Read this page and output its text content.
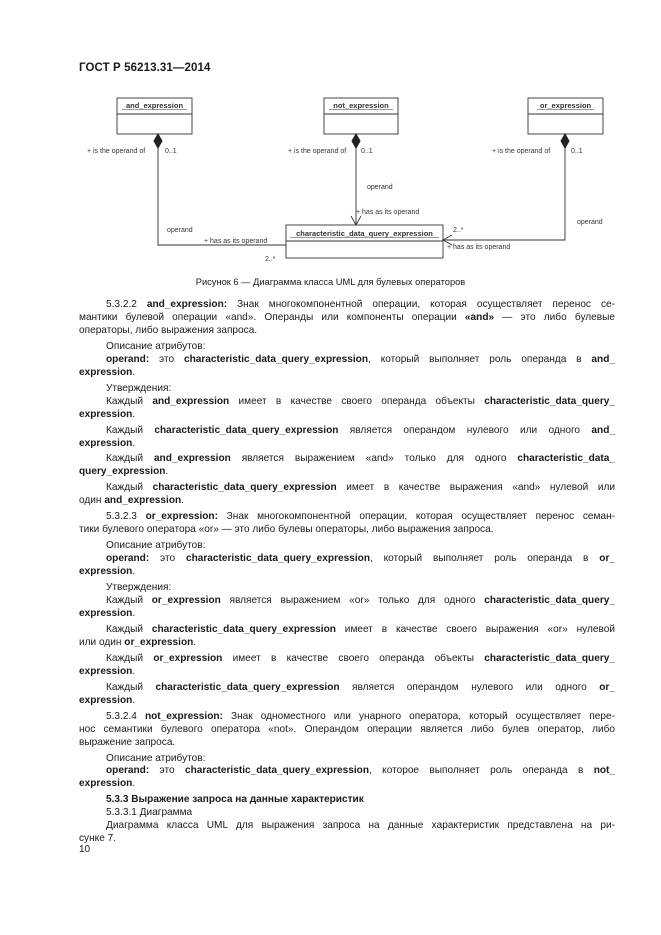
ГОСТ Р 56213.31—2014
and_expression	not_expression	or_expression
characteristic_data_query_expression
+ is the operand of	0..1	+ is the operand of 0..1	+ is the operand of	0..1
operand
+ has as its operand
operand
+ has as its operand
2..*
operand
2..*
+ has as its operand
Рисунок 6 — Диаграмма класса UML для булевых операторов
5.3.2.2 and_expression: Знак многокомпонентной операции, которая осуществляет перенос се-
мантики булевой операции «and». Операнды или компоненты операции «and» — это либо булевые
операторы, либо выражения запроса.
Описание атрибутов:
operand: это characteristic_data_query_expression, который выполняет роль операнда в and_
expression.
Утверждения:
Каждый and_expression имеет в качестве своего операнда объекты characteristic_data_query_
expression.
Каждый characteristic_data_query_expression является операндом нулевого или одного and_
expression.
Каждый and_expression является выражением «and» только для одного characteristic_data_
query_expression.
Каждый characteristic_data_query_expression имеет в качестве выражения «and» нулевой или
один and_expression.
5.3.2.3 or_expression: Знак многокомпонентной операции, которая осуществляет перенос семан-
тики булевого оператора «or» — это либо булевы операторы, либо выражения запроса.
Описание атрибутов:
operand: это characteristic_data_query_expression, который выполняет роль операнда в or_
expression.
Утверждения:
Каждый or_expression является выражением «or» только для одного characteristic_data_query_
expression.
Каждый characteristic_data_query_expression имеет в качестве своего выражения «or» нулевой
или один or_expression.
Каждый or_expression имеет в качестве своего операнда объекты characteristic_data_query_
expression.
Каждый characteristic_data_query_expression является операндом нулевого или одного or_
expression.
5.3.2.4 not_expression: Знак одноместного или унарного оператора, который осуществляет пере-
нос семантики булевого оператора «not». Операндом операции является либо булев оператор, либо
выражение запроса.
Описание атрибутов:
operand: это characteristic_data_query_expression, которое выполняет роль операнда в not_
expression.
5.3.3 Выражение запроса на данные характеристик
5.3.3.1 Диаграмма
Диаграмма класса UML для выражения запроса на данные характеристик представлена на ри-
сунке 7.
10
